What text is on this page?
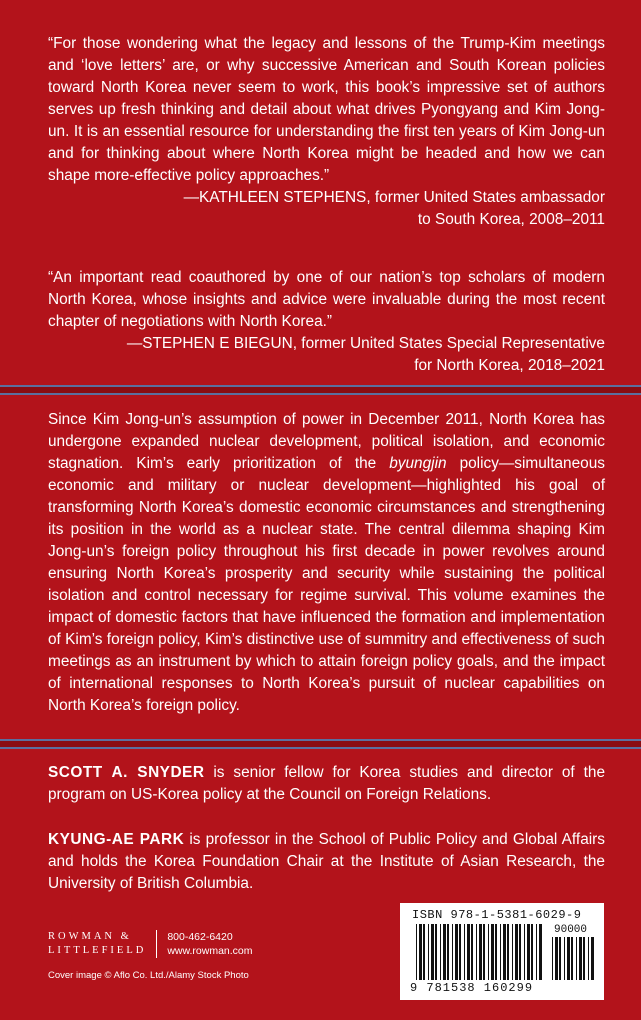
“For those wondering what the legacy and lessons of the Trump-Kim meetings and ‘love letters’ are, or why successive American and South Korean policies toward North Korea never seem to work, this book’s impressive set of authors serves up fresh thinking and detail about what drives Pyongyang and Kim Jong-un. It is an essential resource for understanding the first ten years of Kim Jong-un and for thinking about where North Korea might be headed and how we can shape more-effective policy approaches.”

—KATHLEEN STEPHENS, former United States ambassador

to South Korea, 2008–2011

“An important read coauthored by one of our nation’s top scholars of modern North Korea, whose insights and advice were invaluable during the most recent chapter of negotiations with North Korea.”

—STEPHEN E BIEGUN, former United States Special Representative

for North Korea, 2018–2021

Since Kim Jong-un’s assumption of power in December 2011, North Korea has undergone expanded nuclear development, political isolation, and economic stagnation. Kim’s early prioritization of the byungjin policy—simultaneous economic and military or nuclear development—highlighted his goal of transforming North Korea’s domestic economic circumstances and strengthening its position in the world as a nuclear state. The central dilemma shaping Kim Jong-un’s foreign policy throughout his first decade in power revolves around ensuring North Korea’s prosperity and security while sustaining the political isolation and control necessary for regime survival. This volume examines the impact of domestic factors that have influenced the formation and implementation of Kim’s foreign policy, Kim’s distinctive use of summitry and effectiveness of such meetings as an instrument by which to attain foreign policy goals, and the impact of international responses to North Korea’s pursuit of nuclear capabilities on North Korea’s foreign policy.

SCOTT A. SNYDER is senior fellow for Korea studies and director of the program on US-Korea policy at the Council on Foreign Relations.

KYUNG-AE PARK is professor in the School of Public Policy and Global Affairs and holds the Korea Foundation Chair at the Institute of Asian Research, the University of British Columbia.

ROWMAN &
LITTLEFIELD
800-462-6420
www.rowman.com
Cover image © Aflo Co. Ltd./Alamy Stock Photo
ISBN 978-1-5381-6029-9
90000
9 781538 160299
